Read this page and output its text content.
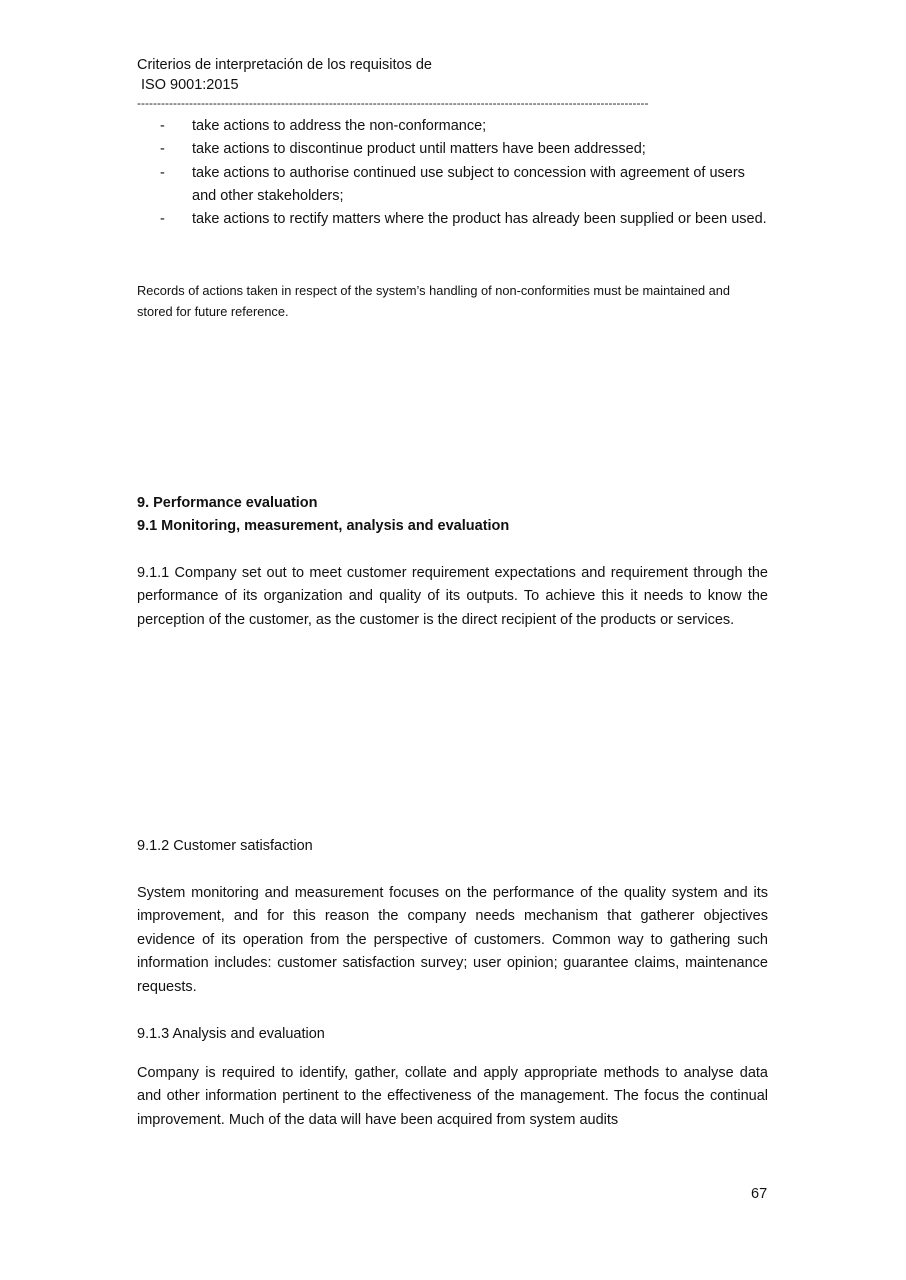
Criterios de interpretación de los requisitos de
ISO 9001:2015
--------------------------------------------------------------------------------------------------------------------------------
-	take actions to address the non-conformance;
-	take actions to discontinue product until matters have been addressed;
-	take actions to authorise continued use subject to concession with agreement of users and other stakeholders;
-	take actions to rectify matters where the product has already been supplied or been used.
Records of actions taken in respect of the system’s handling of non-conformities must be maintained and stored for future reference.
9. Performance evaluation
9.1 Monitoring, measurement, analysis and evaluation
9.1.1 Company set out to meet customer requirement expectations and requirement through the performance of its organization and quality of its outputs. To achieve this it needs to know the perception of the customer, as the customer is the direct recipient of the products or services.
9.1.2 Customer satisfaction
System monitoring and measurement focuses on the performance of the quality system and its improvement, and for this reason the company needs mechanism that gatherer objectives evidence of its operation from the perspective of customers. Common way to gathering such information includes: customer satisfaction survey; user opinion; guarantee claims, maintenance requests.
9.1.3 Analysis and evaluation
Company is required to identify, gather, collate and apply appropriate methods to analyse data and other information pertinent to the effectiveness of the management. The focus the continual improvement. Much of the data will have been acquired from system audits
67
